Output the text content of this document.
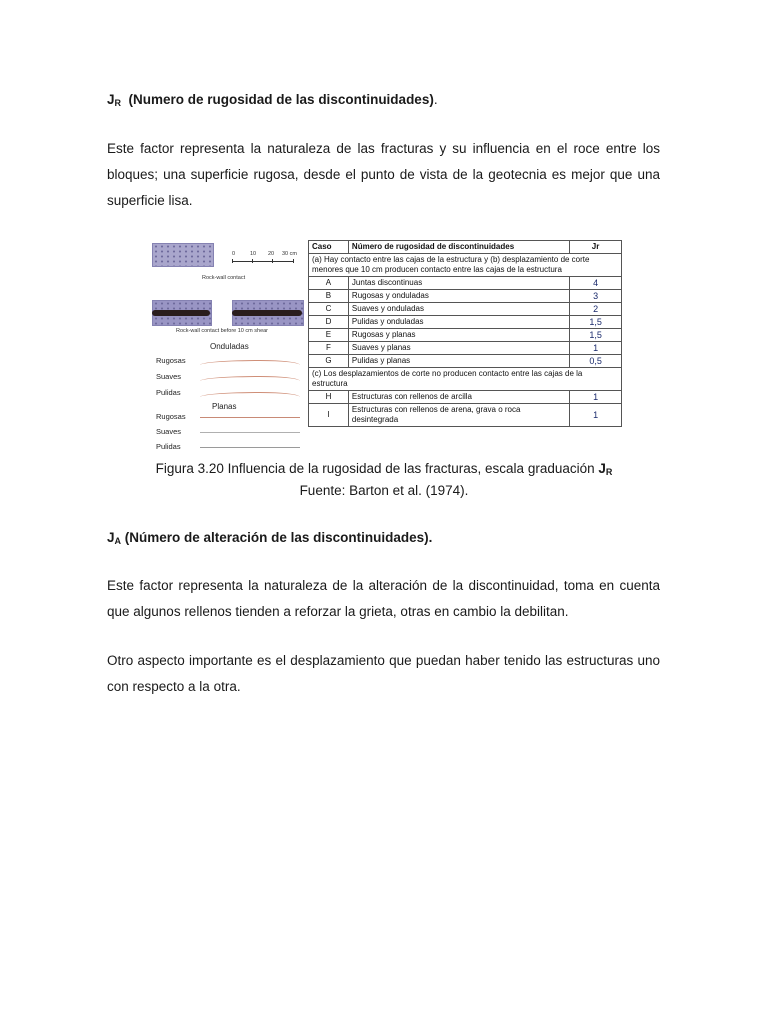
$J_R$ (Numero de rugosidad de las discontinuidades).
Este factor representa la naturaleza de las fracturas y su influencia en el roce entre los bloques; una superficie rugosa, desde el punto de vista de la geotecnia es mejor que una superficie lisa.
0	10 20 30 cm
Rock-wall contact
Rock-wall contact before 10 cm shear
Onduladas
Rugosas
Suaves
Pulidas
Planas
Rugosas
Suaves
Pulidas
Caso	Número de rugosidad de discontinuidades	Jr
(a) Hay contacto entre las cajas de la estructura y (b) desplazamiento de corte menores que 10 cm producen contacto entre las cajas de la estructura		
A	Juntas discontinuas	4
B	Rugosas y onduladas	3
C	Suaves y onduladas	2
D	Pulidas y onduladas	1,5
E	Rugosas y planas	1,5
F	Suaves y planas	1
G	Pulidas y planas	0,5
(c) Los desplazamientos de corte no producen contacto entre las cajas de la estructura		
H	Estructuras con rellenos de arcilla	1
I	Estructuras con rellenos de arena, grava o roca desintegrada	1
Figura 3.20 Influencia de la rugosidad de las fracturas, escala graduación $J_R$
Fuente: Barton et al. (1974).
$J_A$ (Número de alteración de las discontinuidades).
Este factor representa la naturaleza de la alteración de la discontinuidad, toma en cuenta que algunos rellenos tienden a reforzar la grieta, otras en cambio la debilitan.
Otro aspecto importante es el desplazamiento que puedan haber tenido las estructuras uno con respecto a la otra.
